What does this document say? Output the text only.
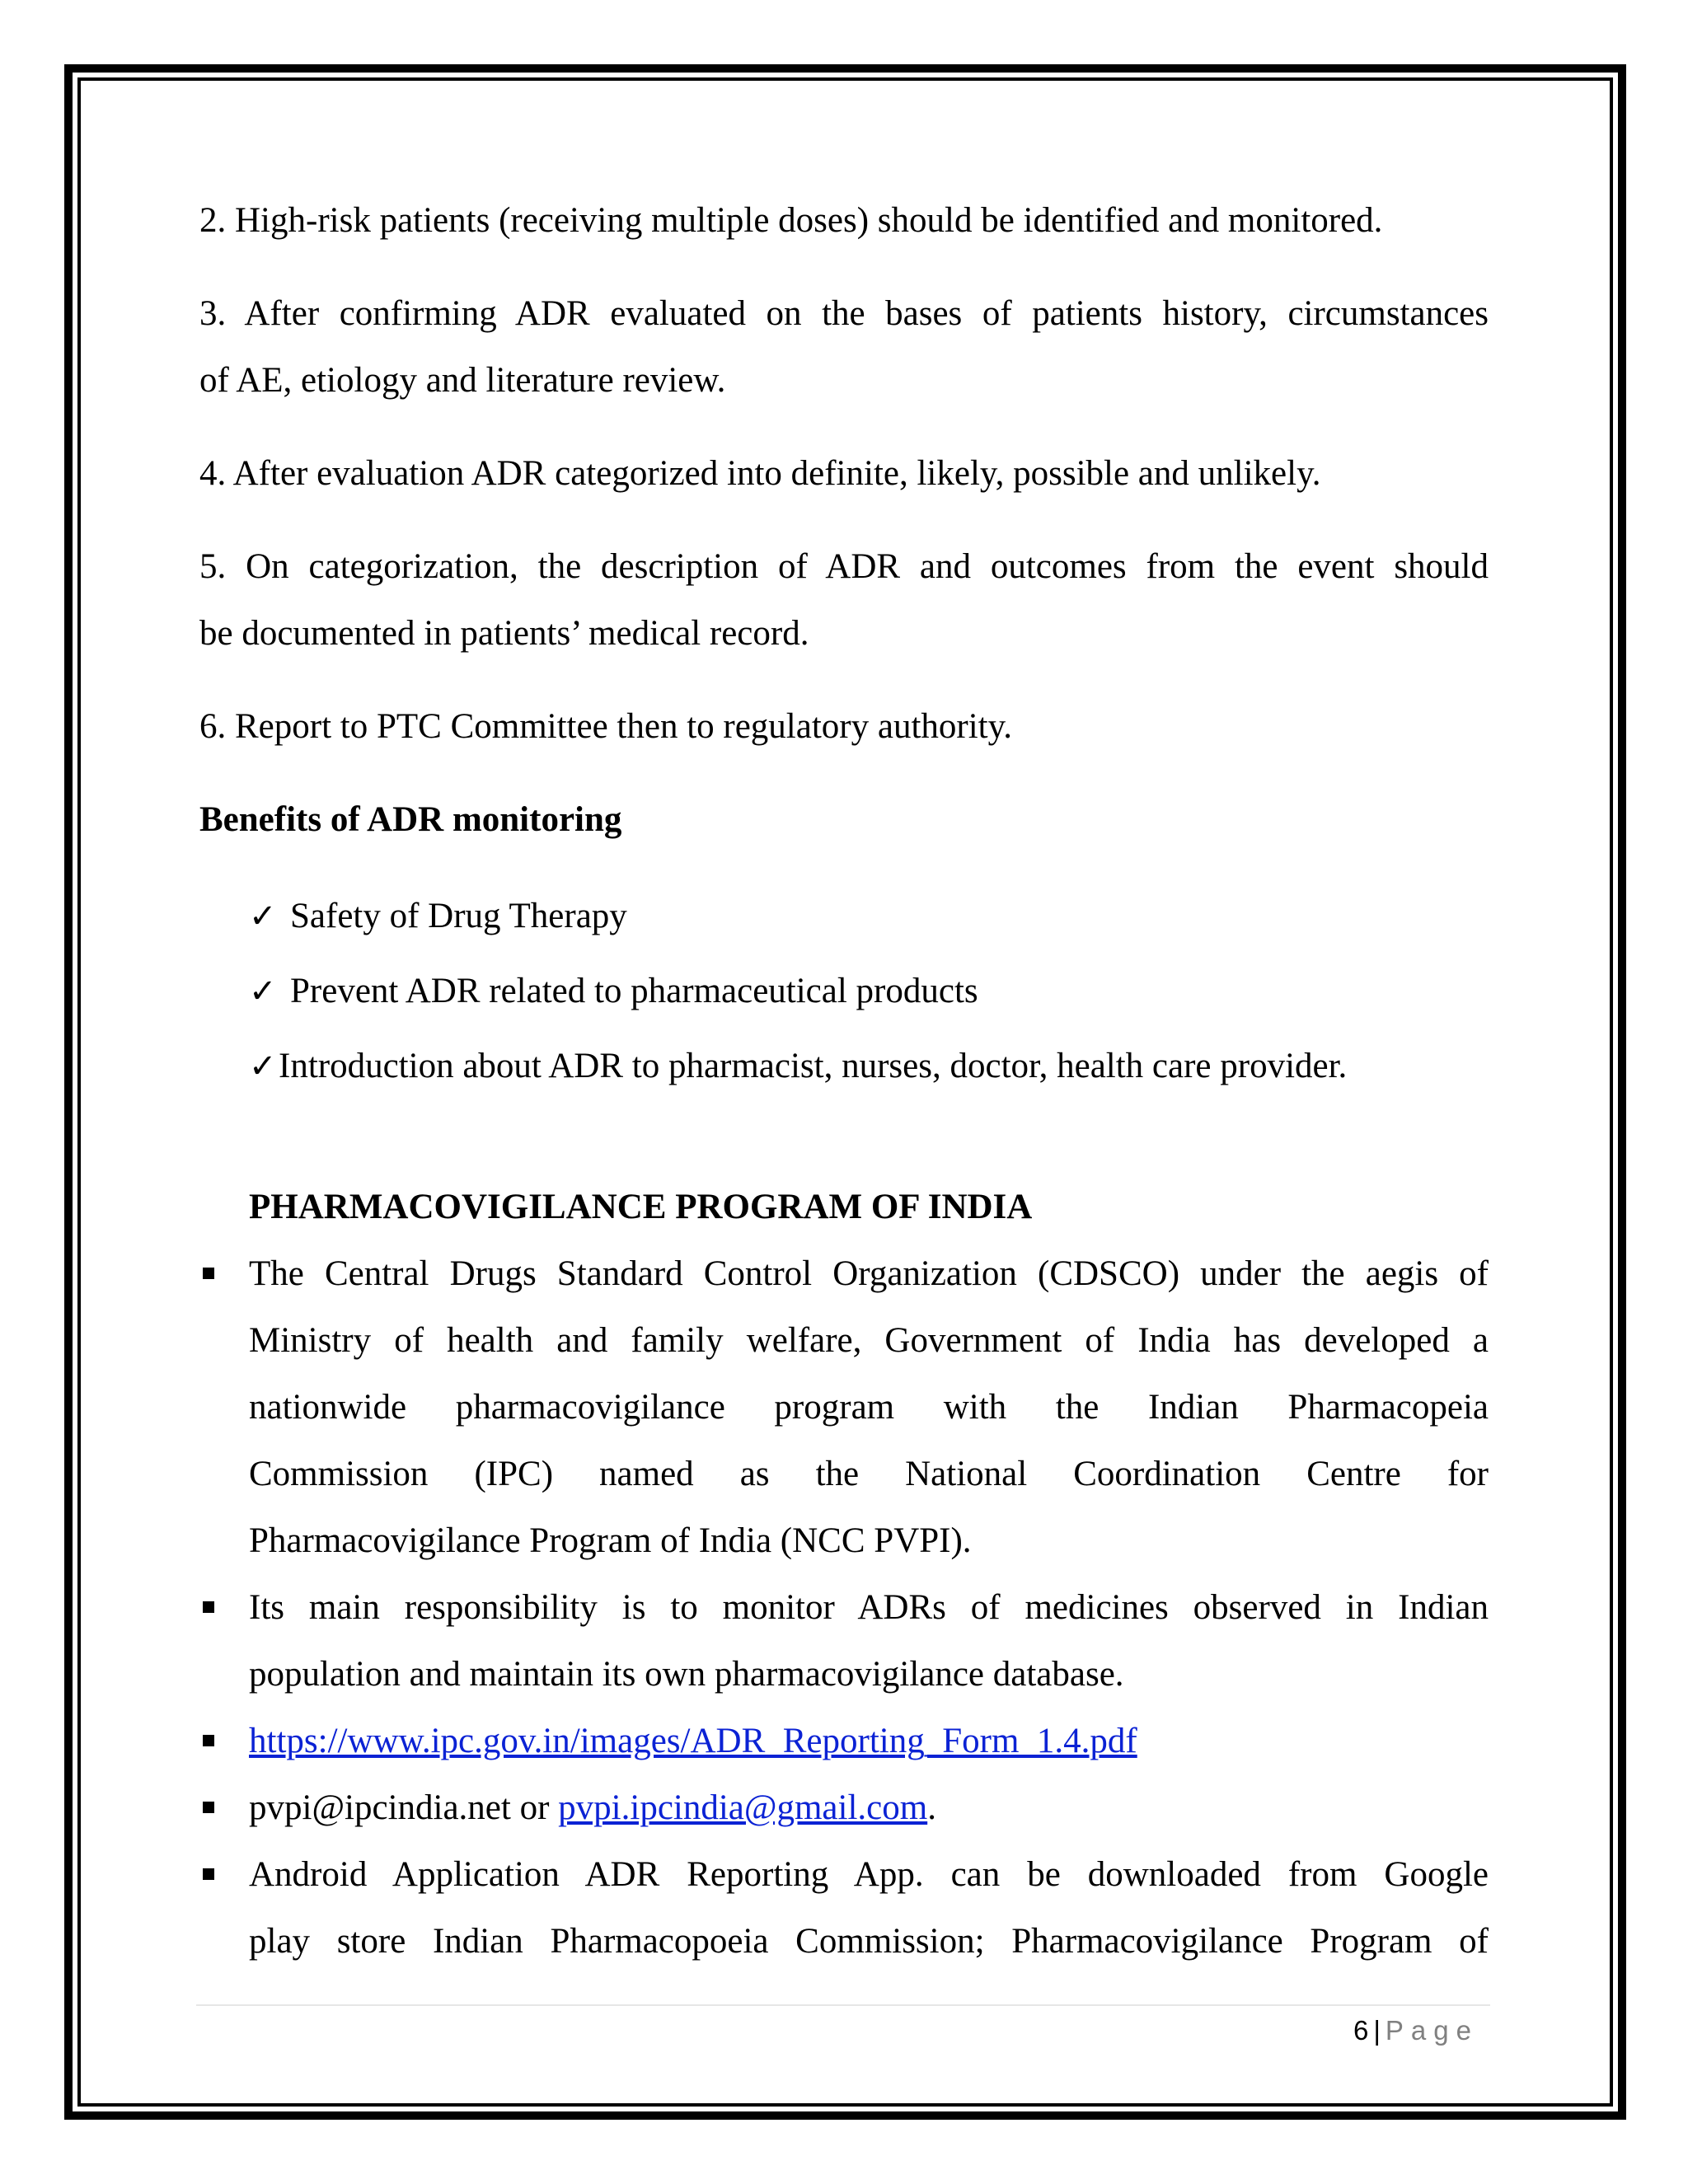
2. High-risk patients (receiving multiple doses) should be identified and monitored.

3. After confirming ADR evaluated on the bases of patients history, circumstances

of AE, etiology and literature review.

4. After evaluation ADR categorized into definite, likely, possible and unlikely.

5. On categorization, the description of ADR and outcomes from the event should

be documented in patients’ medical record.

6. Report to PTC Committee then to regulatory authority.

Benefits of ADR monitoring

✓ Safety of Drug Therapy
✓ Prevent ADR related to pharmaceutical products
✓Introduction about ADR to pharmacist, nurses, doctor, health care provider.

PHARMACOVIGILANCE PROGRAM OF INDIA

The Central Drugs Standard Control Organization (CDSCO) under the aegis of

Ministry of health and family welfare, Government of India has developed a

nationwide pharmacovigilance program with the Indian Pharmacopeia

Commission (IPC) named as the National Coordination Centre for

Pharmacovigilance Program of India (NCC PVPI).

Its main responsibility is to monitor ADRs of medicines observed in Indian

population and maintain its own pharmacovigilance database.

https://www.ipc.gov.in/images/ADR_Reporting_Form_1.4.pdf

pvpi@ipcindia.net or pvpi.ipcindia@gmail.com.

Android Application ADR Reporting App. can be downloaded from Google

play store Indian Pharmacopoeia Commission; Pharmacovigilance Program of

6 | Page
